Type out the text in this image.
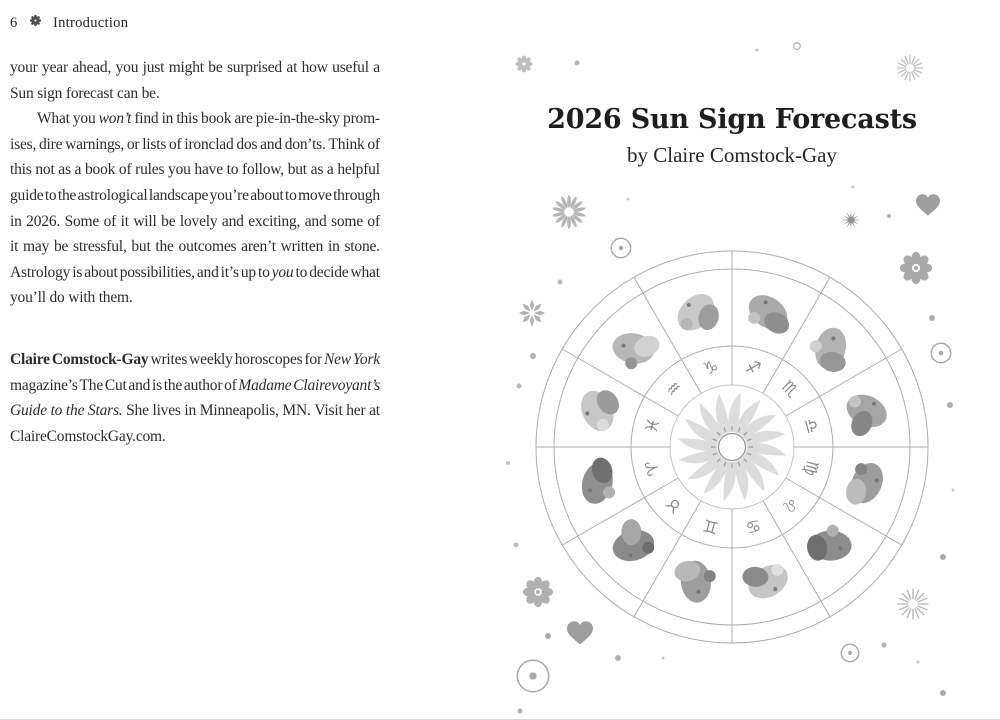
6 Introduction
your year ahead, you just might be surprised at how useful a
Sun sign forecast can be.
What you won’t find in this book are pie-in-the-sky prom-
ises, dire warnings, or lists of ironclad dos and don’ts. Think of
this not as a book of rules you have to follow, but as a helpful
guide to the astrological landscape you’re about to move through
in 2026. Some of it will be lovely and exciting, and some of
it may be stressful, but the outcomes aren’t written in stone.
Astrology is about possibilities, and it’s up to you to decide what
you’ll do with them.
Claire Comstock-Gay writes weekly horoscopes for New York
magazine’s The Cut and is the author of Madame Clairevoyant’s
Guide to the Stars. She lives in Minneapolis, MN. Visit her at
ClaireComstockGay.com.
2026 Sun Sign Forecasts
by Claire Comstock-Gay
♑ ♐
♏
♎
♍
♌
♋
♊
♉
♈
♓
♒
